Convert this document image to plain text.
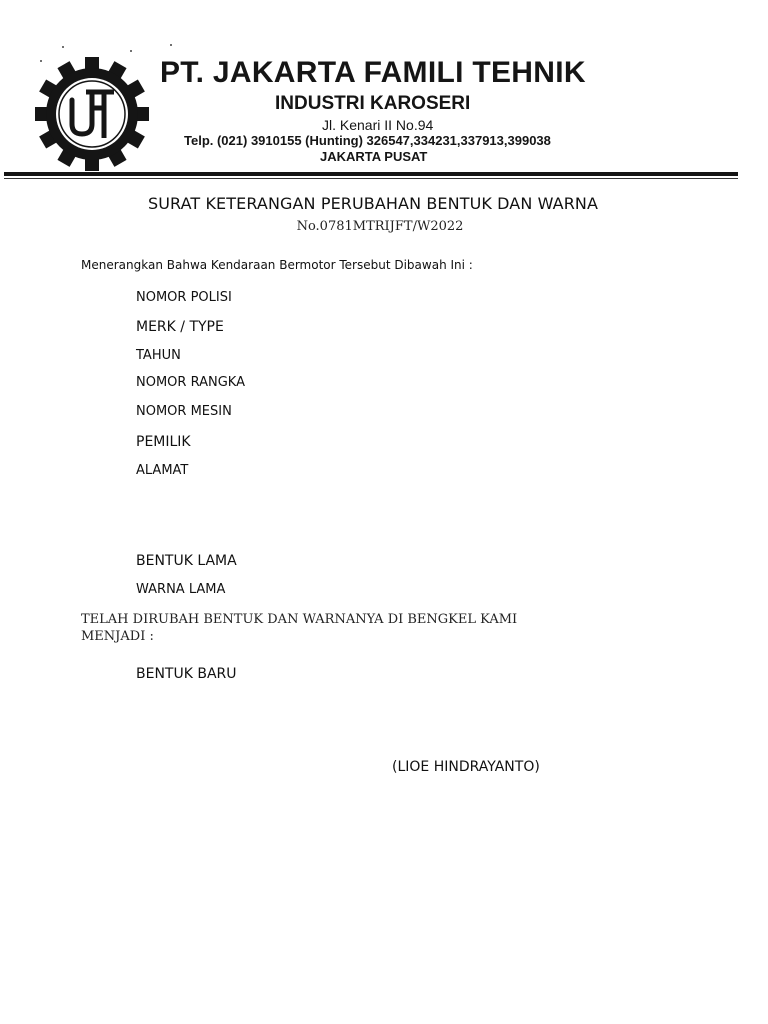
PT. JAKARTA FAMILI TEHNIK
INDUSTRI KAROSERI
Jl. Kenari II No.94
Telp. (021) 3910155 (Hunting) 326547,334231,337913,399038
JAKARTA PUSAT
SURAT KETERANGAN PERUBAHAN BENTUK DAN WARNA
No.0781MTRIJFT/W2022
Menerangkan Bahwa Kendaraan Bermotor Tersebut Dibawah Ini :
NOMOR POLISI
MERK / TYPE
TAHUN
NOMOR RANGKA
NOMOR MESIN
PEMILIK
ALAMAT
BENTUK LAMA
WARNA LAMA
TELAH DIRUBAH BENTUK DAN WARNANYA DI BENGKEL KAMI MENJADI :
BENTUK BARU
(LIOE HINDRAYANTO)
